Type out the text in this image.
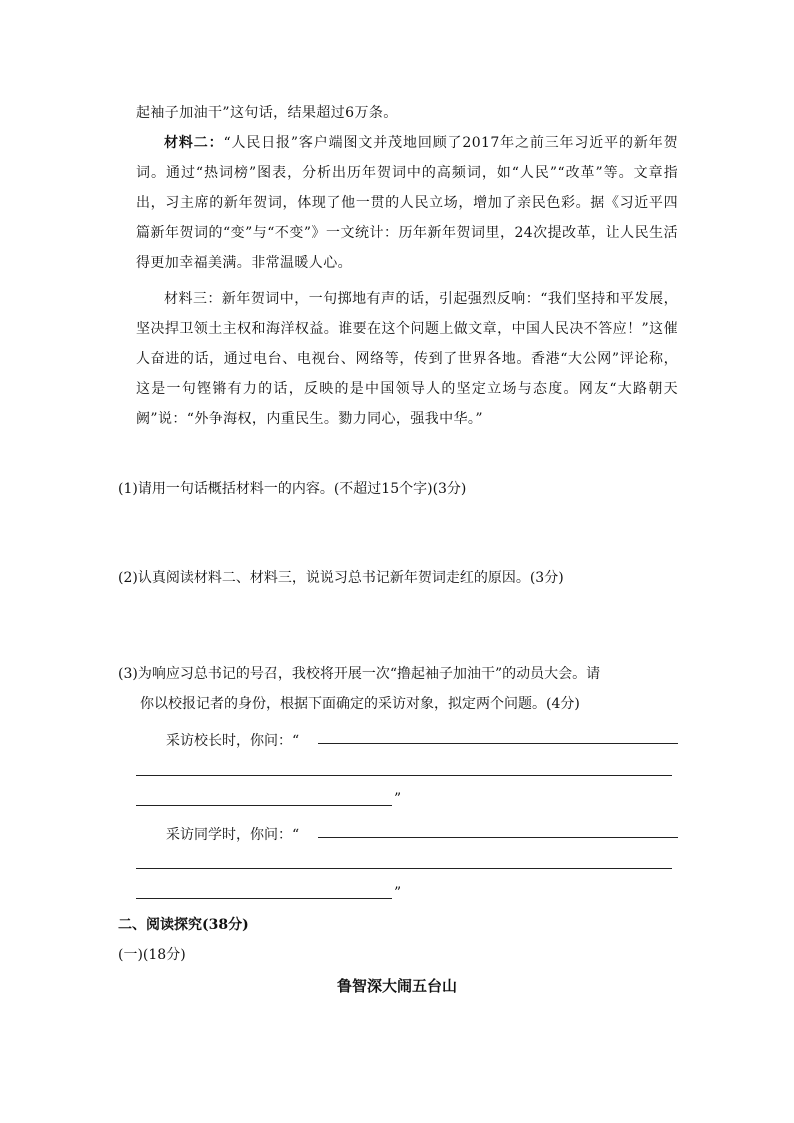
起袖子加油干”这句话，结果超过6万条。
材料二：“人民日报”客户端图文并茂地回顾了2017年之前三年习近平的新年贺词。通过“热词榜”图表，分析出历年贺词中的高频词，如“人民”“改革”等。文章指出，习主席的新年贺词，体现了他一贯的人民立场，增加了亲民色彩。据《习近平四篇新年贺词的“变”与“不变”》一文统计：历年新年贺词里，24次提改革，让人民生活得更加幸福美满。非常温暖人心。
材料三：新年贺词中，一句掷地有声的话，引起强烈反响：“我们坚持和平发展，坚决捍卫领土主权和海洋权益。谁要在这个问题上做文章，中国人民决不答应！”这催人奋进的话，通过电台、电视台、网络等，传到了世界各地。香港“大公网”评论称，这是一句铿锵有力的话，反映的是中国领导人的坚定立场与态度。网友“大路朝天阙”说：“外争海权，内重民生。勠力同心，强我中华。”
(1)请用一句话概括材料一的内容。(不超过15个字)(3分)
(2)认真阅读材料二、材料三，说说习总书记新年贺词走红的原因。(3分)
(3)为响应习总书记的号召，我校将开展一次“撸起袖子加油干”的动员大会。请
你以校报记者的身份，根据下面确定的采访对象，拟定两个问题。(4分)
采访校长时，你问：“
”
采访同学时，你问：“
”
二、阅读探究(38分)
(一)(18分)
鲁智深大闹五台山
